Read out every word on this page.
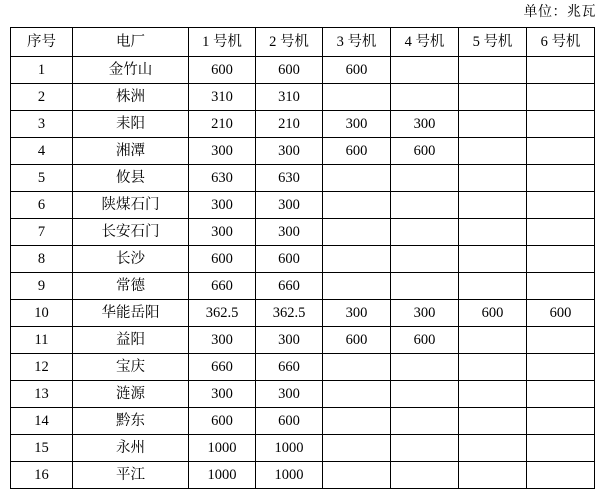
单位：兆瓦
序号	电厂	1 号机	2 号机	3 号机	4 号机	5 号机	6 号机
1	金竹山	600	600	600			
2	株洲	310	310				
3	耒阳	210	210	300	300		
4	湘潭	300	300	600	600		
5	攸县	630	630				
6	陕煤石门	300	300				
7	长安石门	300	300				
8	长沙	600	600				
9	常德	660	660				
10	华能岳阳	362.5	362.5	300	300	600	600
11	益阳	300	300	600	600		
12	宝庆	660	660				
13	涟源	300	300				
14	黔东	600	600				
15	永州	1000	1000				
16	平江	1000	1000				
